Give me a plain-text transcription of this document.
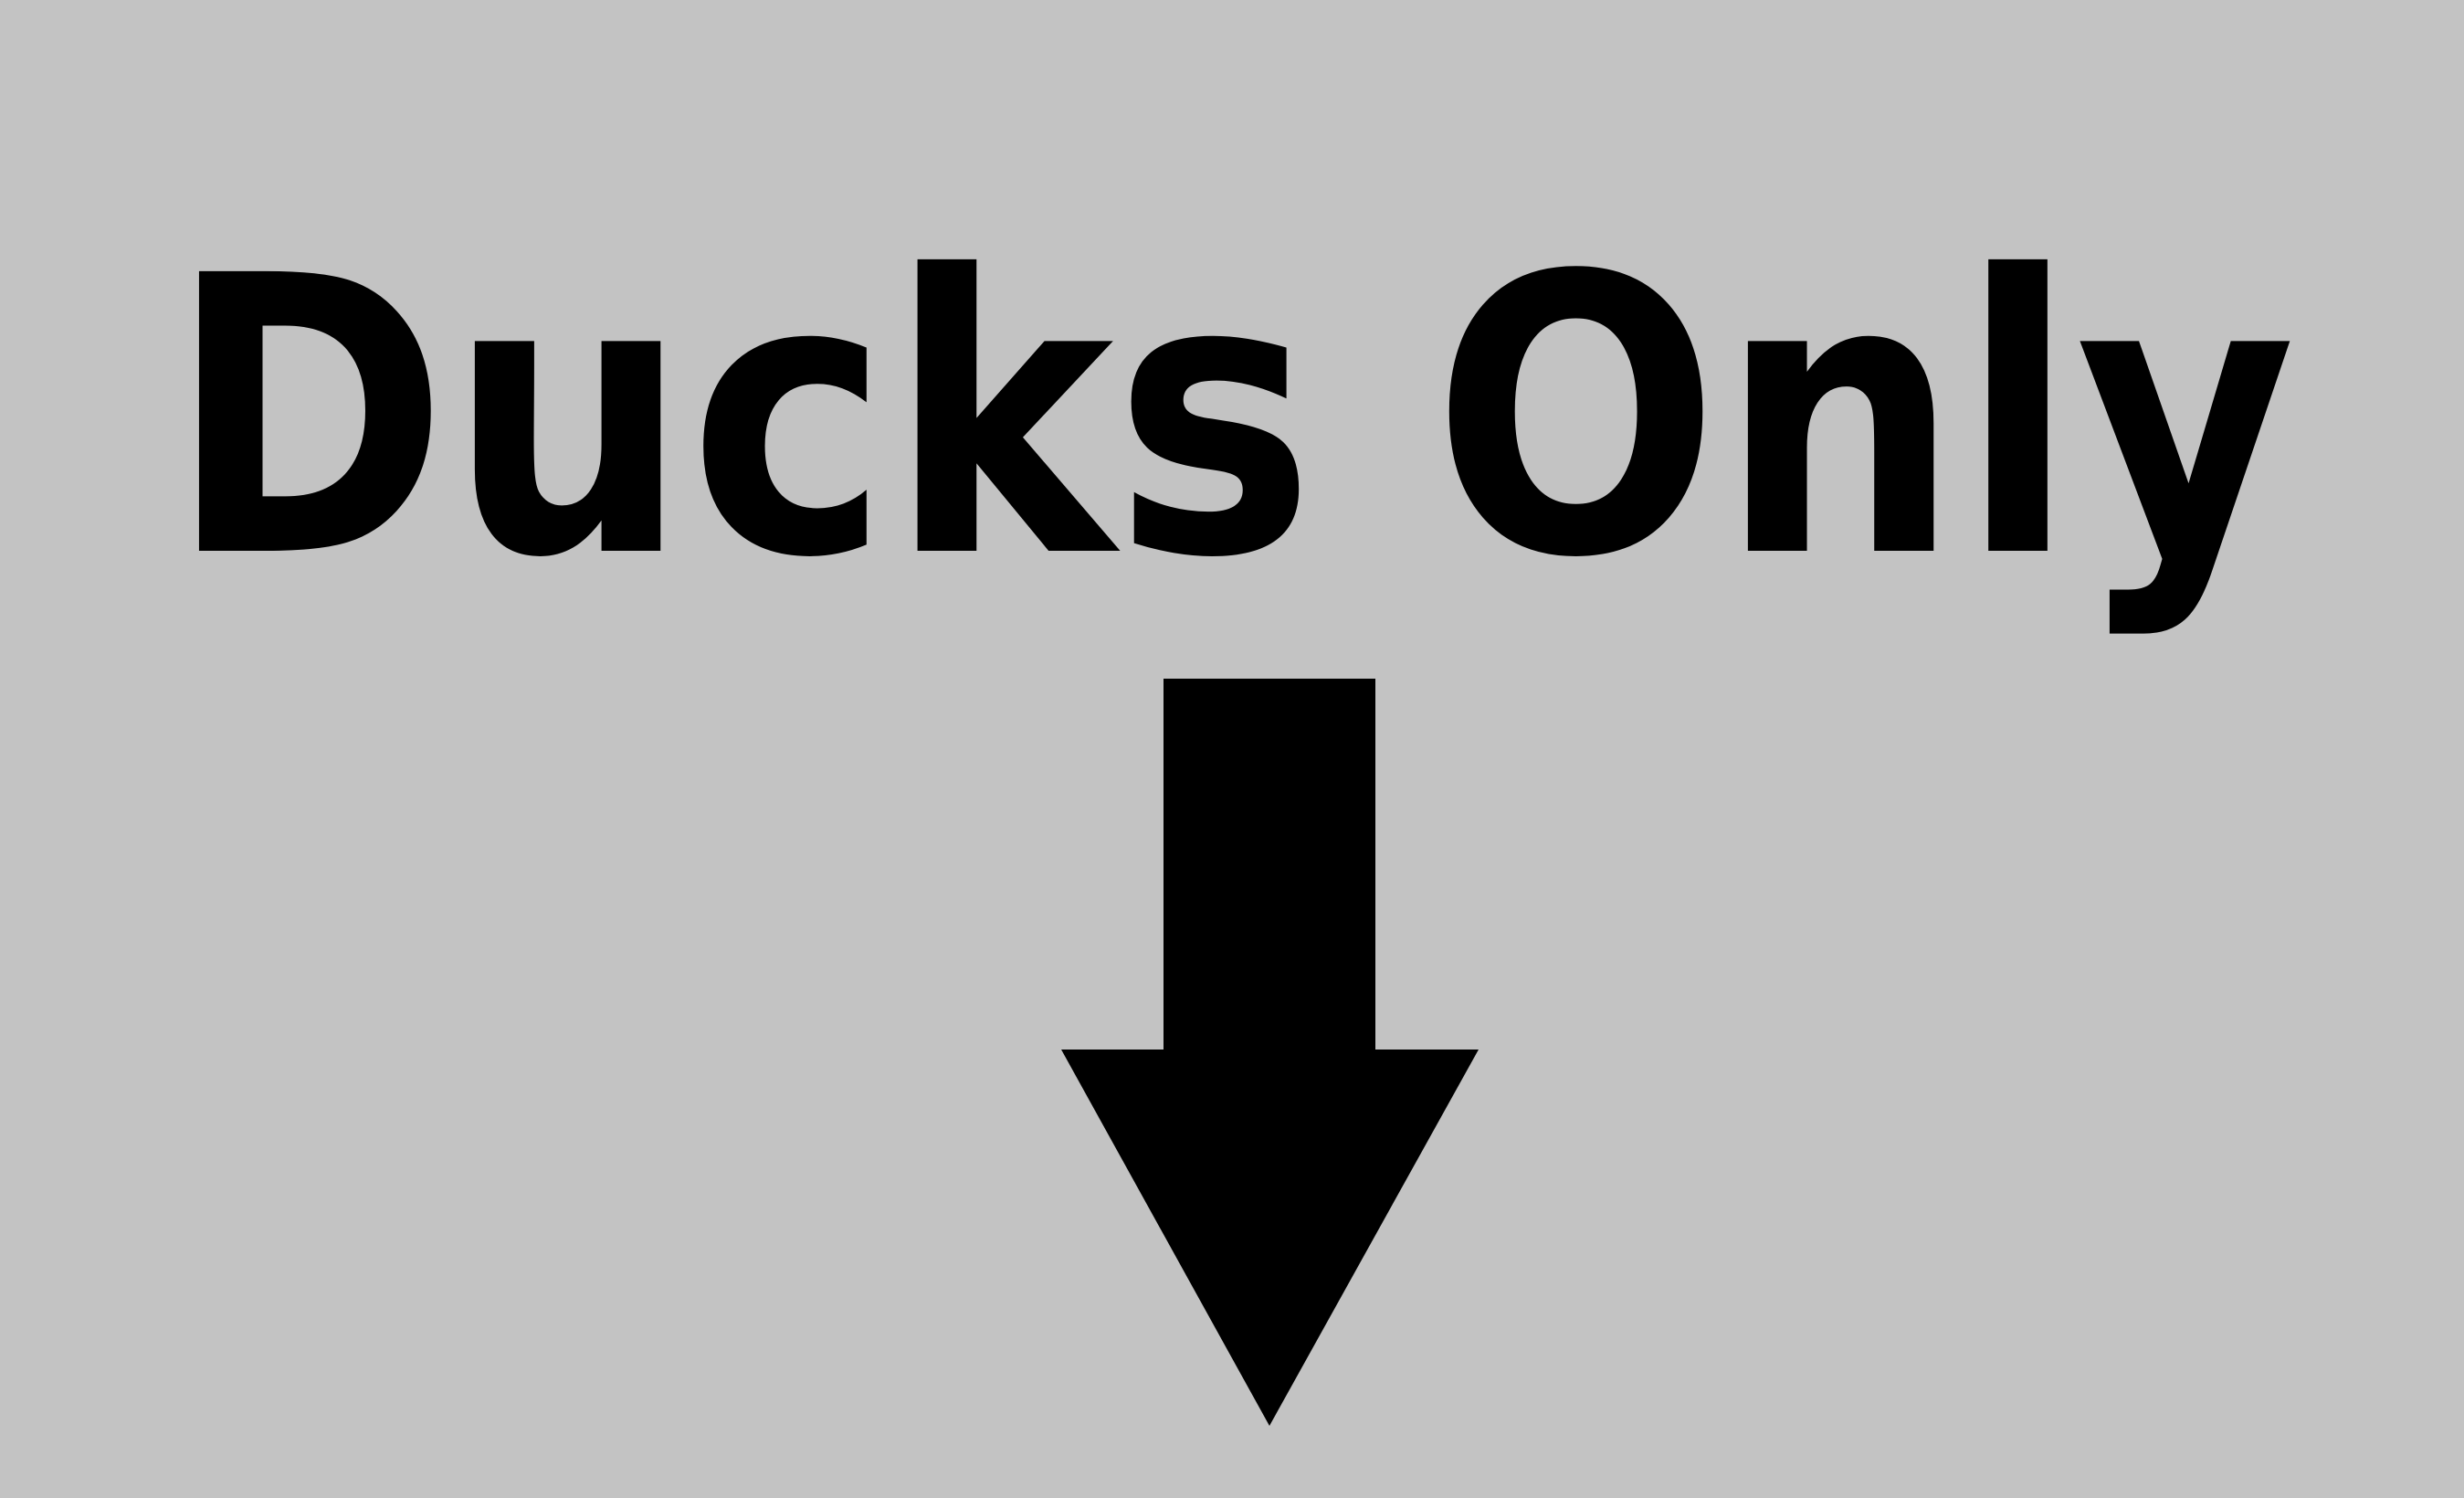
Ducks Only
